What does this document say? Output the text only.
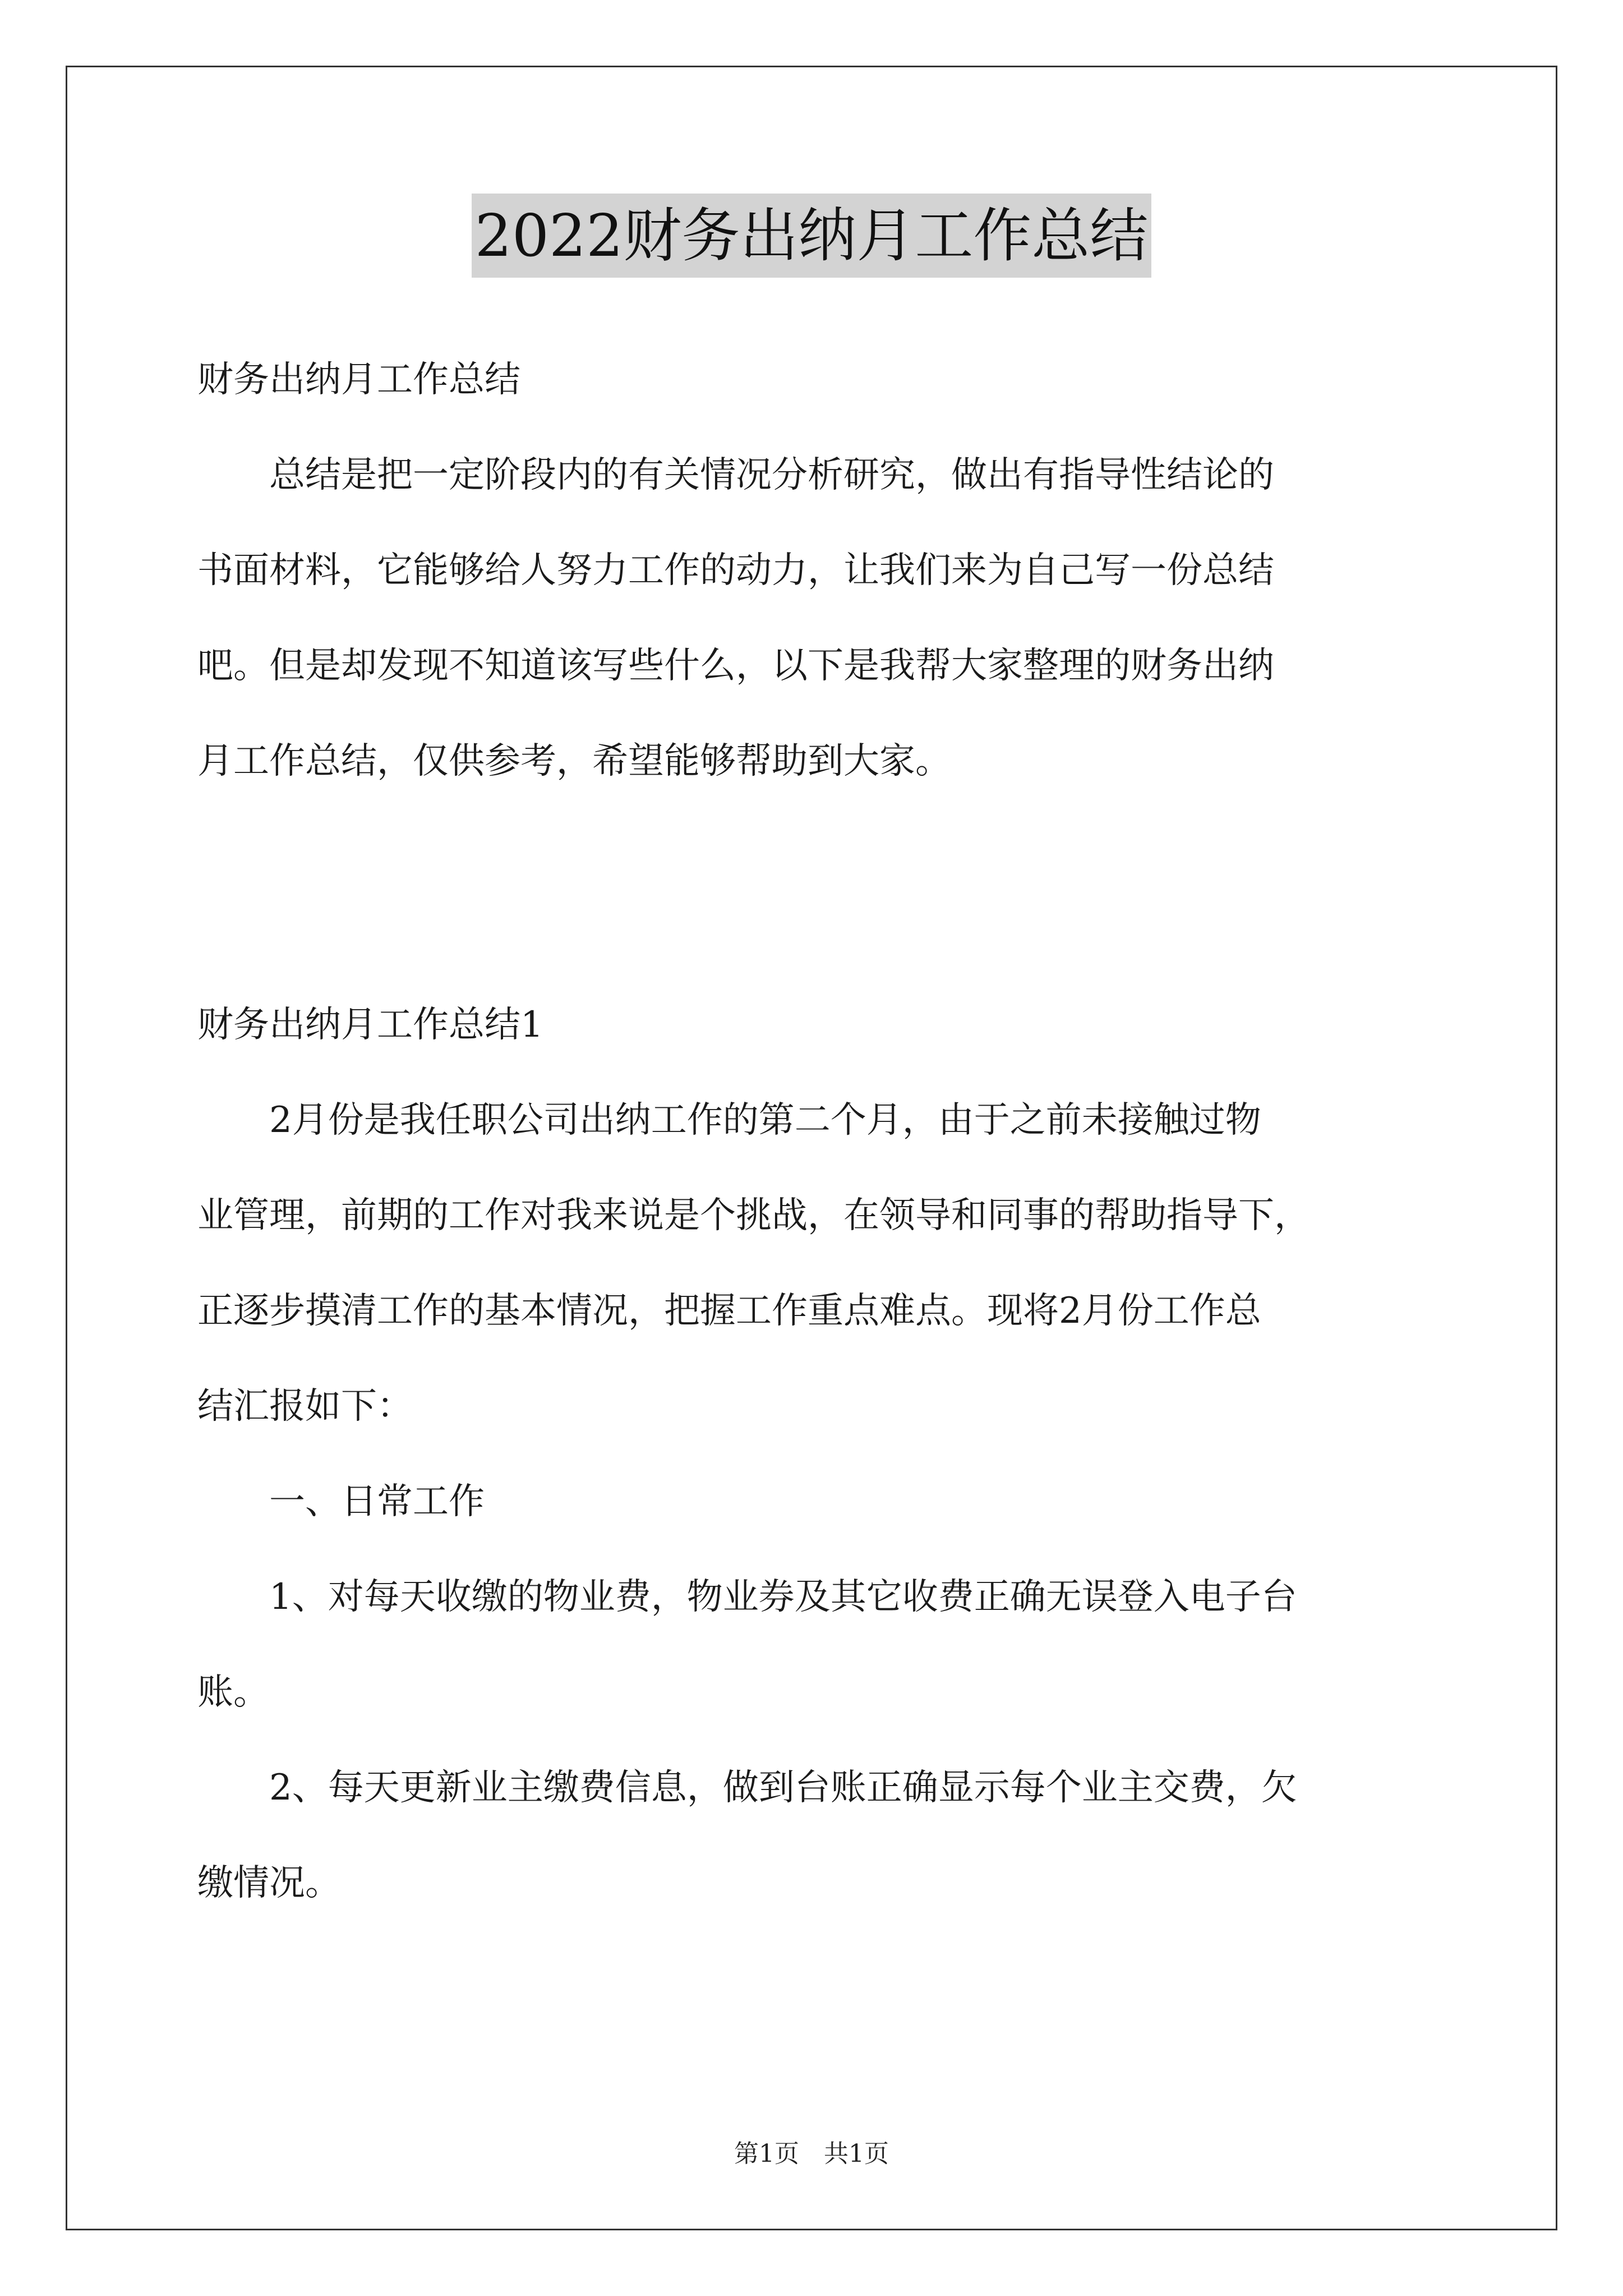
2022财务出纳月工作总结
财务出纳月工作总结
　　总结是把一定阶段内的有关情况分析研究，做出有指导性结论的
书面材料，它能够给人努力工作的动力，让我们来为自己写一份总结
吧。但是却发现不知道该写些什么，以下是我帮大家整理的财务出纳
月工作总结，仅供参考，希望能够帮助到大家。
财务出纳月工作总结1
　　2月份是我任职公司出纳工作的第二个月，由于之前未接触过物
业管理，前期的工作对我来说是个挑战，在领导和同事的帮助指导下，
正逐步摸清工作的基本情况，把握工作重点难点。现将2月份工作总
结汇报如下：
　　一、日常工作
　　1、对每天收缴的物业费，物业券及其它收费正确无误登入电子台
账。
　　2、每天更新业主缴费信息，做到台账正确显示每个业主交费，欠
缴情况。
第1页　共1页
